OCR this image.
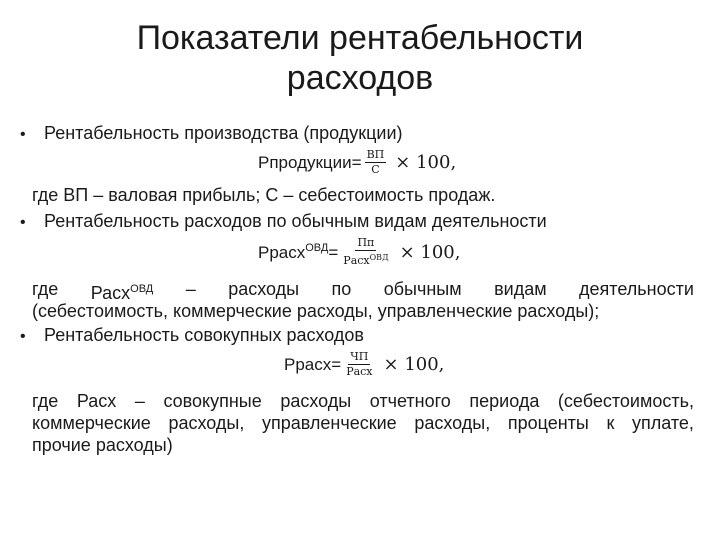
Показатели рентабельности
расходов
• Рентабельность производства (продукции)
Рпродукции= $\frac{ВП}{С} \times 100$,
где ВП – валовая прибыль; С – себестоимость продаж.
• Рентабельность расходов по обычным видам деятельности
Ррасх$^{ОВД}$= $\frac{Пп}{Расх^{ОВД}} \times 100$,
где Расх$^{ОВД}$ – расходы по обычным видам деятельности
(себестоимость, коммерческие расходы, управленческие расходы);
• Рентабельность совокупных расходов
Ррасх= $\frac{ЧП}{\text{Расх}} \times 100$,
где Расх – совокупные расходы отчетного периода (себестоимость,
коммерческие расходы, управленческие расходы, проценты к уплате,
прочие расходы)
